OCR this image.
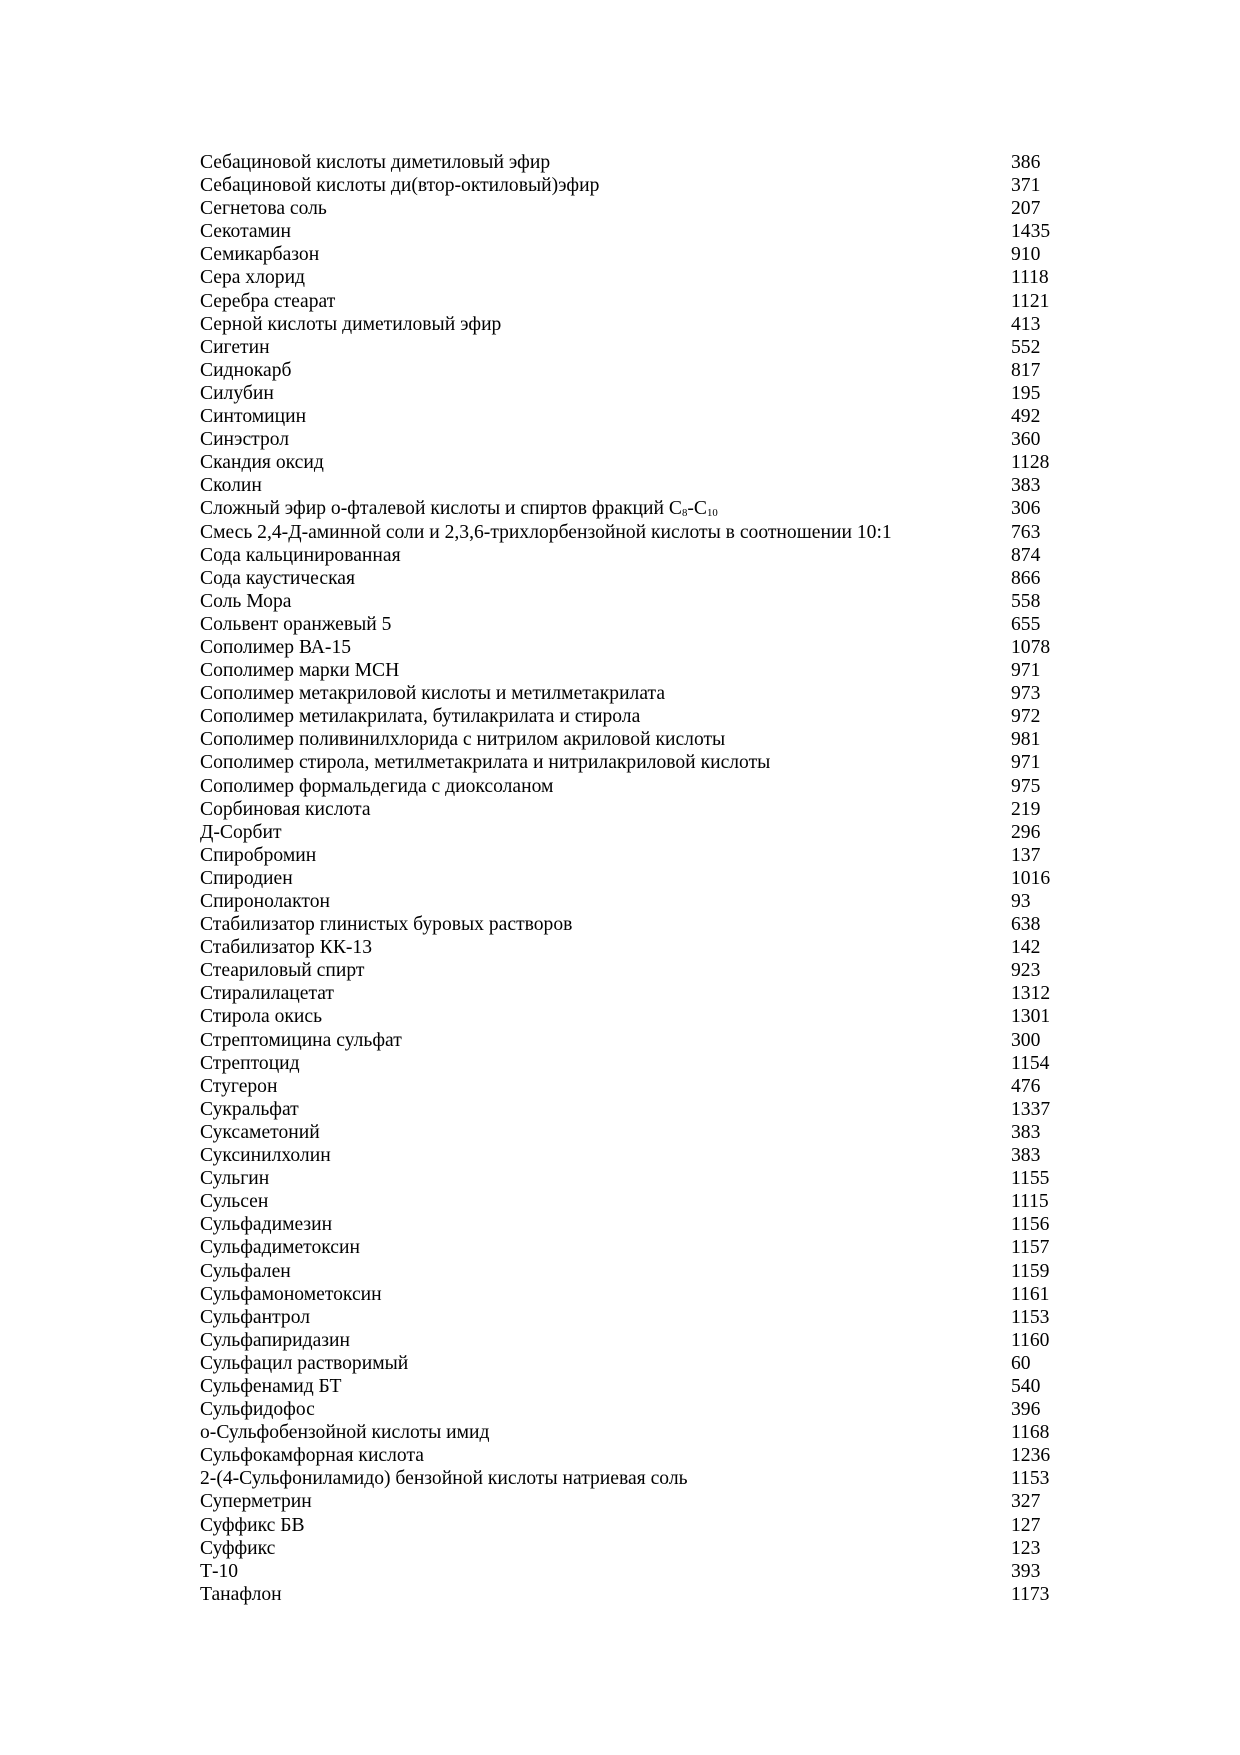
Себациновой кислоты диметиловый эфир	386
Себациновой кислоты ди(втор-октиловый)эфир	371
Сегнетова соль	207
Секотамин	1435
Семикарбазон	910
Сера хлорид	1118
Серебра стеарат	1121
Серной кислоты диметиловый эфир	413
Сигетин	552
Сиднокарб	817
Силубин	195
Синтомицин	492
Синэстрол	360
Скандия оксид	1128
Сколин	383
Сложный эфир о-фталевой кислоты и спиртов фракций $C_8-C_{10}$	306
Смесь 2,4-Д-аминной соли и 2,3,6-трихлорбензойной кислоты в соотношении 10:1	763
Сода кальцинированная	874
Сода каустическая	866
Соль Мора	558
Сольвент оранжевый 5	655
Сополимер ВА-15	1078
Сополимер марки МСН	971
Сополимер метакриловой кислоты и метилметакрилата	973
Сополимер метилакрилата, бутилакрилата и стирола	972
Сополимер поливинилхлорида с нитрилом акриловой кислоты	981
Сополимер стирола, метилметакрилата и нитрилакриловой кислоты	971
Сополимер формальдегида с диоксоланом	975
Сорбиновая кислота	219
Д-Сорбит	296
Спиробромин	137
Спиродиен	1016
Спиронолактон	93
Стабилизатор глинистых буровых растворов	638
Стабилизатор КК-13	142
Стеариловый спирт	923
Стиралилацетат	1312
Стирола окись	1301
Стрептомицина сульфат	300
Стрептоцид	1154
Стугерон	476
Сукральфат	1337
Суксаметоний	383
Суксинилхолин	383
Сульгин	1155
Сульсен	1115
Сульфадимезин	1156
Сульфадиметоксин	1157
Сульфален	1159
Сульфамонометоксин	1161
Сульфантрол	1153
Сульфапиридазин	1160
Сульфацил растворимый	60
Сульфенамид БТ	540
Сульфидофос	396
о-Сульфобензойной кислоты имид	1168
Сульфокамфорная кислота	1236
2-(4-Сульфониламидо) бензойной кислоты натриевая соль	1153
Суперметрин	327
Суффикс БВ	127
Суффикс	123
Т-10	393
Танафлон	1173
